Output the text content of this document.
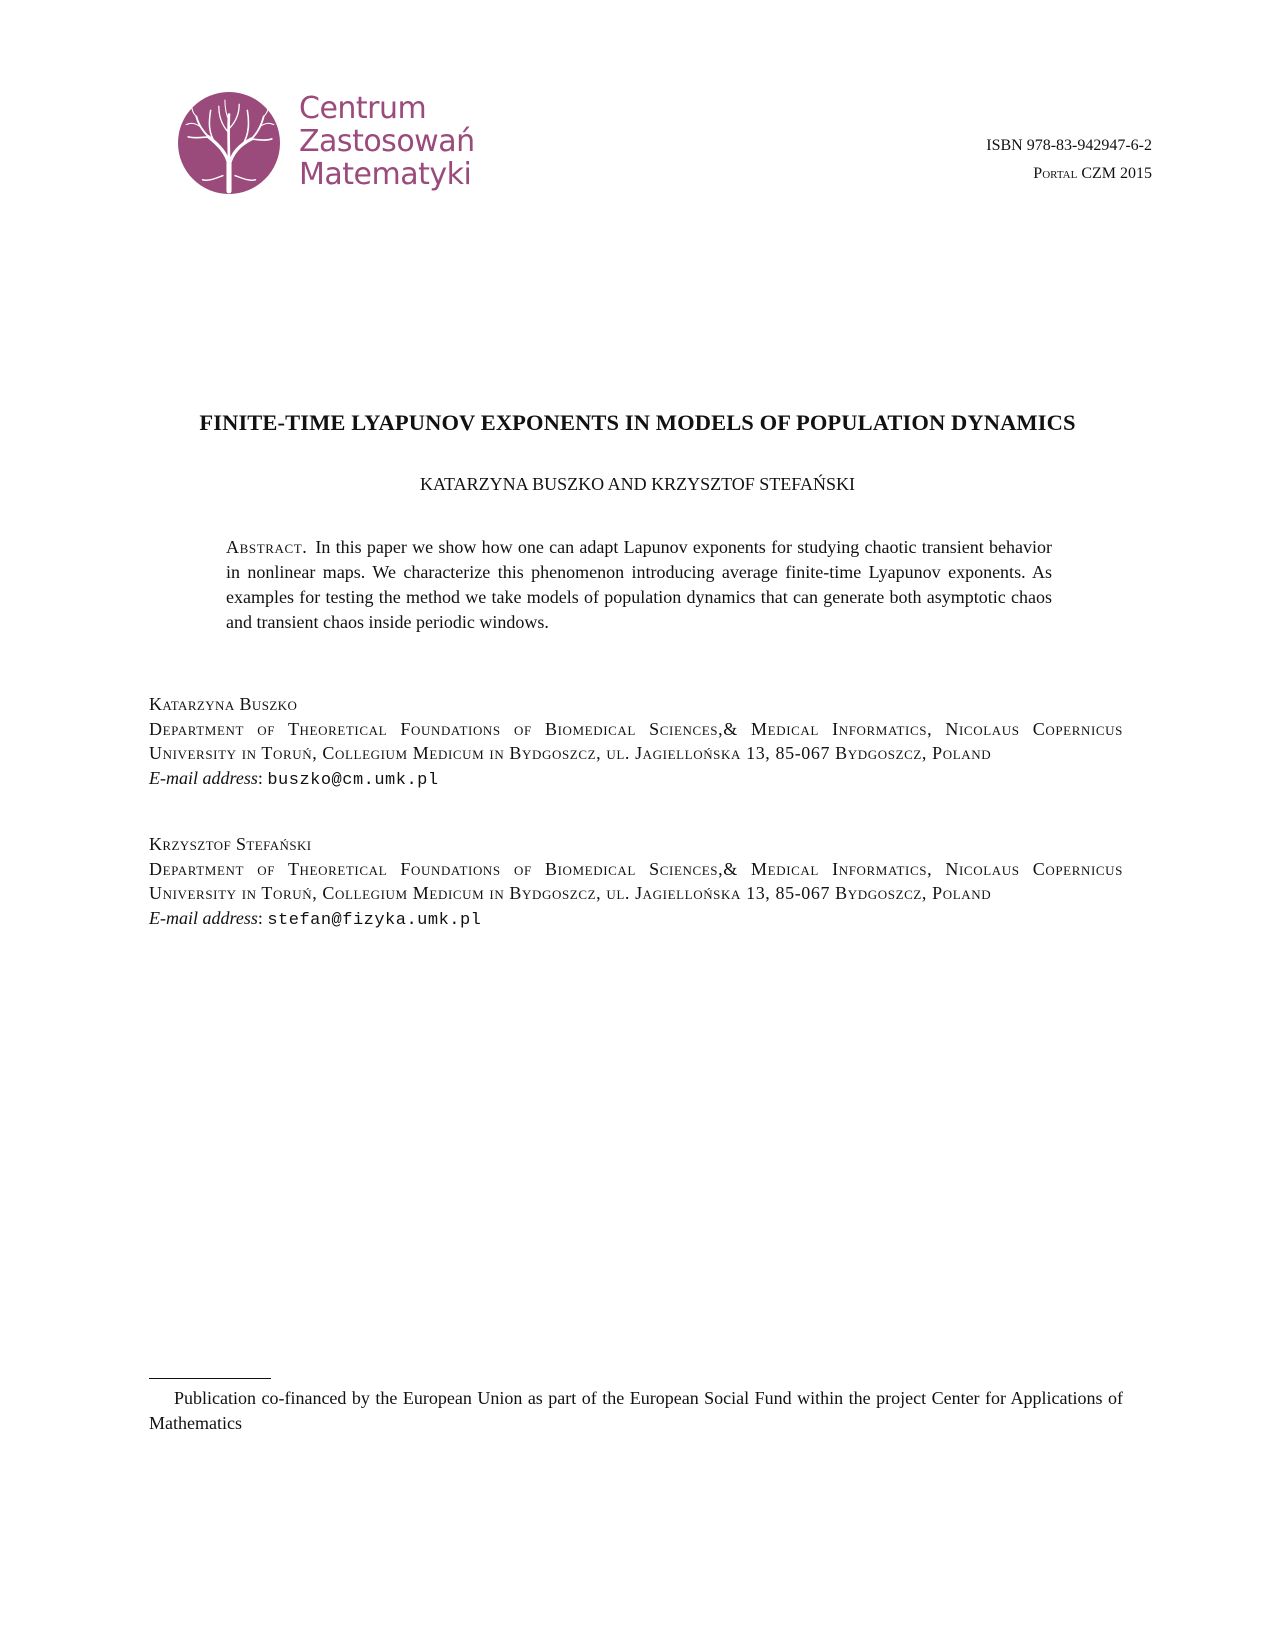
Centrum
Zastosowań
Matematyki
ISBN 978-83-942947-6-2
Portal CZM 2015
FINITE-TIME LYAPUNOV EXPONENTS IN MODELS OF POPULATION DYNAMICS
KATARZYNA BUSZKO AND KRZYSZTOF STEFAŃSKI
Abstract. In this paper we show how one can adapt Lapunov exponents for studying chaotic transient behavior in nonlinear maps. We characterize this phenomenon introducing average finite-time Lyapunov exponents. As examples for testing the method we take models of population dynamics that can generate both asymptotic chaos and transient chaos inside periodic windows.
Katarzyna Buszko
Department of Theoretical Foundations of Biomedical Sciences,& Medical Informatics, Nicolaus Copernicus University in Toruń, Collegium Medicum in Bydgoszcz, ul. Jagiellońska 13, 85-067 Bydgoszcz, Poland
E-mail address: buszko@cm.umk.pl
Krzysztof Stefański
Department of Theoretical Foundations of Biomedical Sciences,& Medical Informatics, Nicolaus Copernicus University in Toruń, Collegium Medicum in Bydgoszcz, ul. Jagiellońska 13, 85-067 Bydgoszcz, Poland
E-mail address: stefan@fizyka.umk.pl
Publication co-financed by the European Union as part of the European Social Fund within the project Center for Applications of Mathematics
